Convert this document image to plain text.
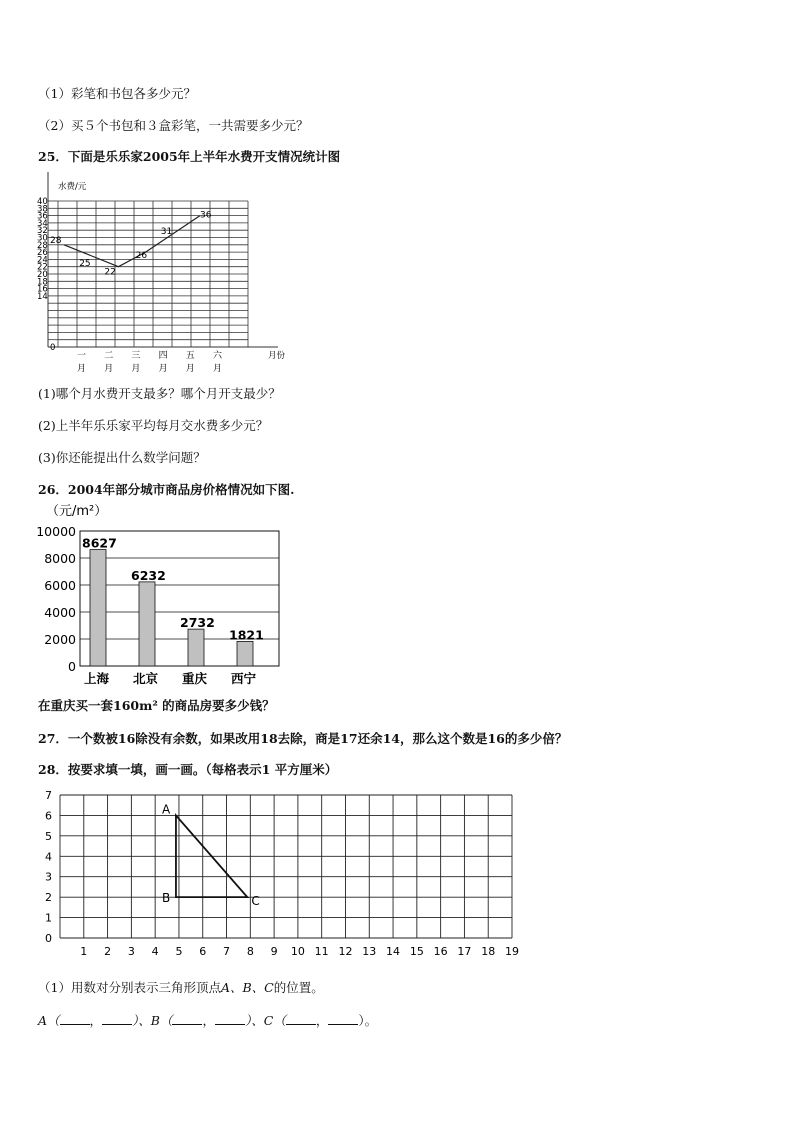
（1）彩笔和书包各多少元？
（2）买５个书包和３盒彩笔，一共需要多少元？
25．下面是乐乐家2005年上半年水费开支情况统计图
水费/元
40
38
36
34
32
30
28
26
24
22
20
18
16
14
0
28
25
22
26
31
36
一
月
二
月
三
月
四
月
五
月
六
月
月份
(1)哪个月水费开支最多？哪个月开支最少？
(2)上半年乐乐家平均每月交水费多少元？
(3)你还能提出什么数学问题？
26．2004年部分城市商品房价格情况如下图.
（元/m²）
0
2000
4000
6000
8000
10000
8627
上海
6232
北京
2732
重庆
1821
西宁
在重庆买一套160m² 的商品房要多少钱？
27．一个数被16除没有余数，如果改用18去除，商是17还余14，那么这个数是16的多少倍？
28．按要求填一填，画一画。（每格表示1 平方厘米）
0
1
2
3
4
5
6
7
1 2 3 4 5 6 7 8 9 10 11 12 13 14 15 16 17 18 19
A
B	C
（1）用数对分别表示三角形顶点A、B、C的位置。
A（ ， ）、B（ ， ）、C（ ， ）。
